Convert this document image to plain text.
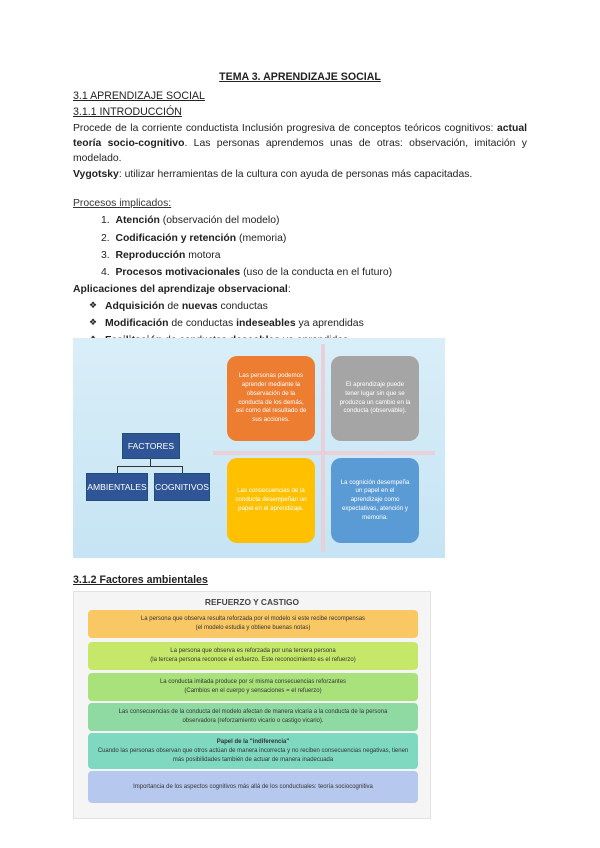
TEMA 3. APRENDIZAJE SOCIAL
3.1 APRENDIZAJE SOCIAL
3.1.1 INTRODUCCIÓN
Procede de la corriente conductista Inclusión progresiva de conceptos teóricos cognitivos: actual teoría socio-cognitivo. Las personas aprendemos unas de otras: observación, imitación y modelado.
Vygotsky: utilizar herramientas de la cultura con ayuda de personas más capacitadas.
Procesos implicados:
1. Atención (observación del modelo)
2. Codificación y retención (memoria)
3. Reproducción motora
4. Procesos motivacionales (uso de la conducta en el futuro)
Aplicaciones del aprendizaje observacional:
❖ Adquisición de nuevas conductas
❖ Modificación de conductas indeseables ya aprendidas
❖
FACTORES
AMBIENTALES COGNITIVOS
Las personas podemos aprender mediante la observación de la conducta de los demás, así como del resultado de sus acciones.
El aprendizaje puede tener lugar sin que se produzca un cambio en la conducta (observable).
Las consecuencias de la conducta desempeñan un papel en el aprendizaje.
La cognición desempeña un papel en el aprendizaje como expectativas, atención y memoria.
3.1.2 Factores ambientales
REFUERZO Y CASTIGO
La persona que observa resulta reforzada por el modelo si este recibe recompensas
(el modelo estudia y obtiene buenas notas)
La persona que observa es reforzada por una tercera persona
(la tercera persona reconoce el esfuerzo. Este reconocimiento es el refuerzo)
La conducta imitada produce por sí misma consecuencias reforzantes
(Cambios en el cuerpo y sensaciones = el refuerzo)
Las consecuencias de la conducta del modelo afectan de manera vicaria a la conducta de la persona
observadora (reforzamiento vicario o castigo vicario).
Papel de la "indiferencia"
Cuando las personas observan que otros actúan de manera incorrecta y no reciben consecuencias negativas, tienen más posibilidades también de actuar de manera inadecuada
Importancia de los aspectos cognitivos más allá de los conductuales: teoría sociocognitiva
